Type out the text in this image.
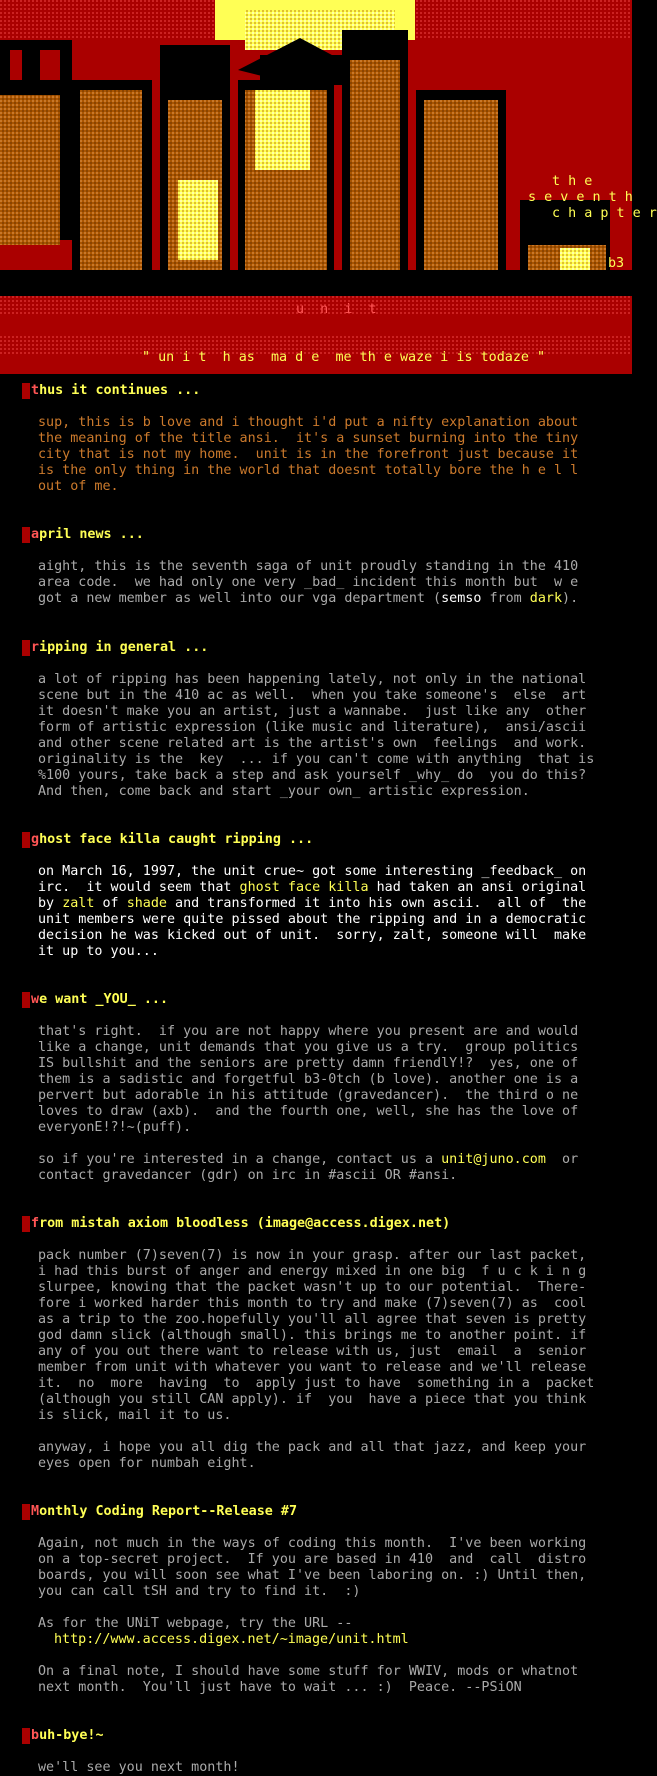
t h e
s e v e n t h
c h a p t e r
b3
u  n  i  t
" un i t  h as  ma d e  me th e waze i is todaze "
thus it continues ...
sup, this is b love and i thought i'd put a nifty explanation about
the meaning of the title ansi.  it's a sunset burning into the tiny
city that is not my home.  unit is in the forefront just because it
is the only thing in the world that doesnt totally bore the h e l l
out of me.
april news ...
aight, this is the seventh saga of unit proudly standing in the 410
area code.  we had only one very _bad_ incident this month but  w e
got a new member as well into our vga department (semso from dark).
ripping in general ...
a lot of ripping has been happening lately, not only in the national
scene but in the 410 ac as well.  when you take someone's  else  art
it doesn't make you an artist, just a wannabe.  just like any  other
form of artistic expression (like music and literature),  ansi/ascii
and other scene related art is the artist's own  feelings  and work.
originality is the  key  ... if you can't come with anything  that is
%100 yours, take back a step and ask yourself _why_ do  you do this?
And then, come back and start _your own_ artistic expression.
ghost face killa caught ripping ...
on March 16, 1997, the unit crue~ got some interesting _feedback_ on
irc.  it would seem that ghost face killa had taken an ansi original
by zalt of shade and transformed it into his own ascii.  all of  the
unit members were quite pissed about the ripping and in a democratic
decision he was kicked out of unit.  sorry, zalt, someone will  make
it up to you...
we want _YOU_ ...
that's right.  if you are not happy where you present are and would
like a change, unit demands that you give us a try.  group politics
IS bullshit and the seniors are pretty damn friendlY!?  yes, one of
them is a sadistic and forgetful b3-0tch (b love). another one is a
pervert but adorable in his attitude (gravedancer).  the third o ne
loves to draw (axb).  and the fourth one, well, she has the love of
everyonE!?!~(puff).
so if you're interested in a change, contact us a unit@juno.com  or
contact gravedancer (gdr) on irc in #ascii OR #ansi.
from mistah axiom bloodless (image@access.digex.net)
pack number (7)seven(7) is now in your grasp. after our last packet,
i had this burst of anger and energy mixed in one big  f u c k i n g
slurpee, knowing that the packet wasn't up to our potential.  There-
fore i worked harder this month to try and make (7)seven(7) as  cool
as a trip to the zoo.hopefully you'll all agree that seven is pretty
god damn slick (although small). this brings me to another point. if
any of you out there want to release with us, just  email  a  senior
member from unit with whatever you want to release and we'll release
it.  no  more  having  to  apply just to have  something in a  packet
(although you still CAN apply). if  you  have a piece that you think
is slick, mail it to us.
anyway, i hope you all dig the pack and all that jazz, and keep your
eyes open for numbah eight.
Monthly Coding Report--Release #7
Again, not much in the ways of coding this month.  I've been working
on a top-secret project.  If you are based in 410  and  call  distro
boards, you will soon see what I've been laboring on. :) Until then,
you can call tSH and try to find it.  :)
As for the UNiT webpage, try the URL --
http://www.access.digex.net/~image/unit.html
On a final note, I should have some stuff for WWIV, mods or whatnot
next month.  You'll just have to wait ... :)  Peace. --PSiON
buh-bye!~
we'll see you next month!
